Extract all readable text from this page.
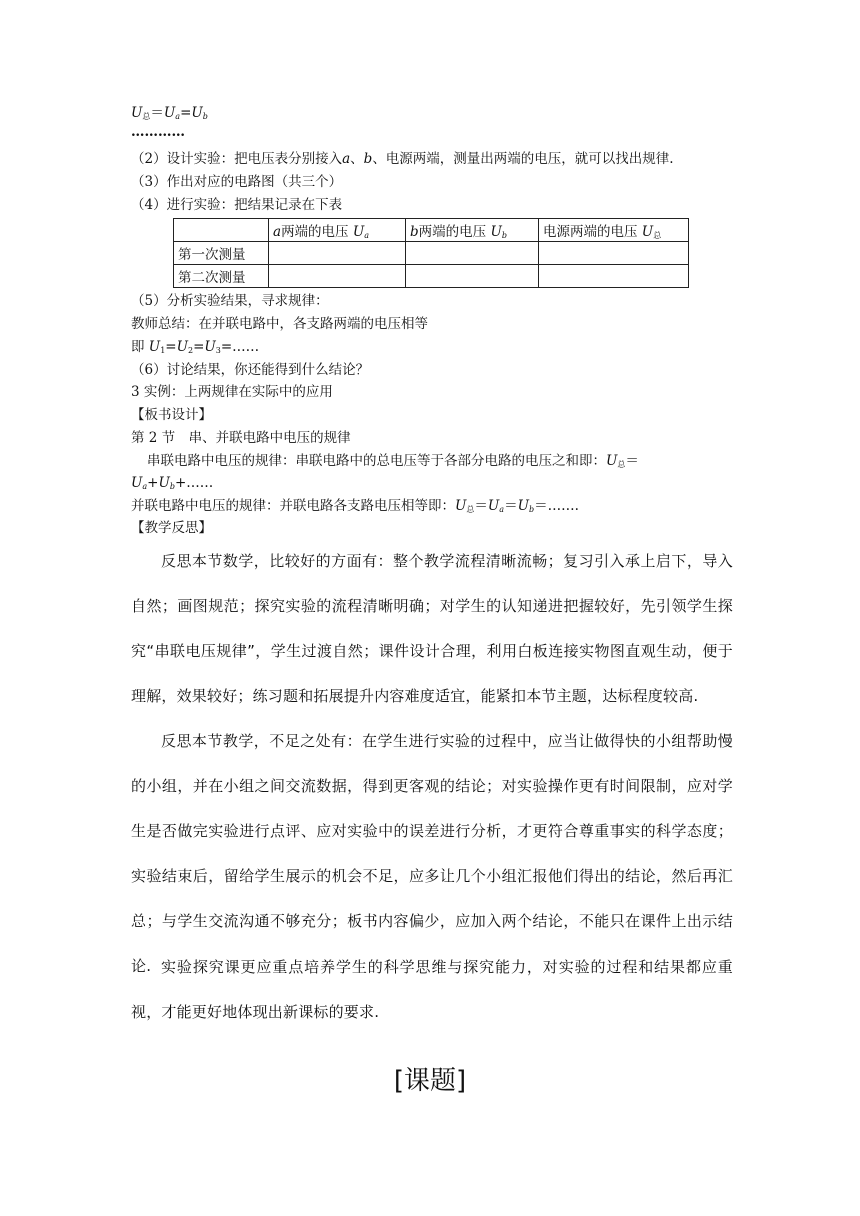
$U_总=Ua=Ub$
…………
（2）设计实验：把电压表分别接入a、b、电源两端，测量出两端的电压，就可以找出规律.
（3）作出对应的电路图（共三个）
（4）进行实验：把结果记录在下表
	a两端的电压 Ua	b两端的电压 Ub	电源两端的电压 $U_总$
第一次测量			
第二次测量			
（5）分析实验结果，寻求规律：
教师总结：在并联电路中，各支路两端的电压相等
即 $U_1=U_2=U_3=\dots\dots$
（6）讨论结果，你还能得到什么结论？
3 实例：上两规律在实际中的应用
【板书设计】
第 2 节　串、并联电路中电压的规律
串联电路中电压的规律：串联电路中的总电压等于各部分电路的电压之和即：$U_总=$
Ua+Ub+……
并联电路中电压的规律：并联电路各支路电压相等即：$U_总=Ua=Ub=\dots\dots$.
【教学反思】
反思本节数学，比较好的方面有：整个教学流程清晰流畅；复习引入承上启下，导入自然；画图规范；探究实验的流程清晰明确；对学生的认知递进把握较好，先引领学生探究“串联电压规律”，学生过渡自然；课件设计合理，利用白板连接实物图直观生动，便于理解，效果较好；练习题和拓展提升内容难度适宜，能紧扣本节主题，达标程度较高.
反思本节教学，不足之处有：在学生进行实验的过程中，应当让做得快的小组帮助慢的小组，并在小组之间交流数据，得到更客观的结论；对实验操作更有时间限制，应对学生是否做完实验进行点评、应对实验中的误差进行分析，才更符合尊重事实的科学态度；实验结束后，留给学生展示的机会不足，应多让几个小组汇报他们得出的结论，然后再汇总；与学生交流沟通不够充分；板书内容偏少，应加入两个结论，不能只在课件上出示结论. 实验探究课更应重点培养学生的科学思维与探究能力，对实验的过程和结果都应重视，才能更好地体现出新课标的要求.
[课题]
